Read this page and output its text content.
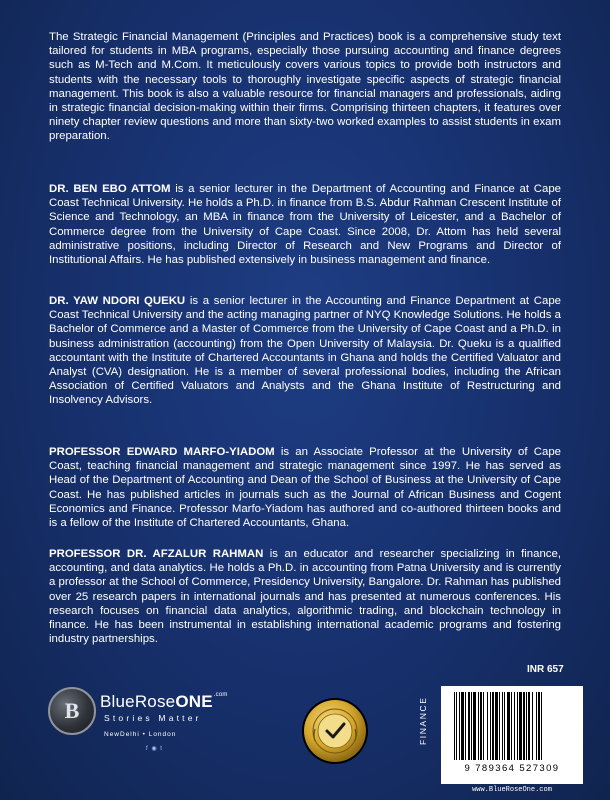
The Strategic Financial Management (Principles and Practices) book is a comprehensive study text tailored for students in MBA programs, especially those pursuing accounting and finance degrees such as M-Tech and M.Com. It meticulously covers various topics to provide both instructors and students with the necessary tools to thoroughly investigate specific aspects of strategic financial management. This book is also a valuable resource for financial managers and professionals, aiding in strategic financial decision-making within their firms. Comprising thirteen chapters, it features over ninety chapter review questions and more than sixty-two worked examples to assist students in exam preparation.

DR. BEN EBO ATTOM is a senior lecturer in the Department of Accounting and Finance at Cape Coast Technical University. He holds a Ph.D. in finance from B.S. Abdur Rahman Crescent Institute of Science and Technology, an MBA in finance from the University of Leicester, and a Bachelor of Commerce degree from the University of Cape Coast. Since 2008, Dr. Attom has held several administrative positions, including Director of Research and New Programs and Director of Institutional Affairs. He has published extensively in business management and finance.

DR. YAW NDORI QUEKU is a senior lecturer in the Accounting and Finance Department at Cape Coast Technical University and the acting managing partner of NYQ Knowledge Solutions. He holds a Bachelor of Commerce and a Master of Commerce from the University of Cape Coast and a Ph.D. in business administration (accounting) from the Open University of Malaysia. Dr. Queku is a qualified accountant with the Institute of Chartered Accountants in Ghana and holds the Certified Valuator and Analyst (CVA) designation. He is a member of several professional bodies, including the African Association of Certified Valuators and Analysts and the Ghana Institute of Restructuring and Insolvency Advisors.

PROFESSOR EDWARD MARFO-YIADOM is an Associate Professor at the University of Cape Coast, teaching financial management and strategic management since 1997. He has served as Head of the Department of Accounting and Dean of the School of Business at the University of Cape Coast. He has published articles in journals such as the Journal of African Business and Cogent Economics and Finance. Professor Marfo-Yiadom has authored and co-authored thirteen books and is a fellow of the Institute of Chartered Accountants, Ghana.

PROFESSOR DR. AFZALUR RAHMAN is an educator and researcher specializing in finance, accounting, and data analytics. He holds a Ph.D. in accounting from Patna University and is currently a professor at the School of Commerce, Presidency University, Bangalore. Dr. Rahman has published over 25 research papers in international journals and has presented at numerous conferences. His research focuses on financial data analytics, algorithmic trading, and blockchain technology in finance. He has been instrumental in establishing international academic programs and fostering industry partnerships.

B	BlueRoseONE$^{.com}$
Stories Matter
NewDelhi • London
f ◉ t
INR 657
FINANCE
9 789364 527309
www.BlueRoseOne.com
